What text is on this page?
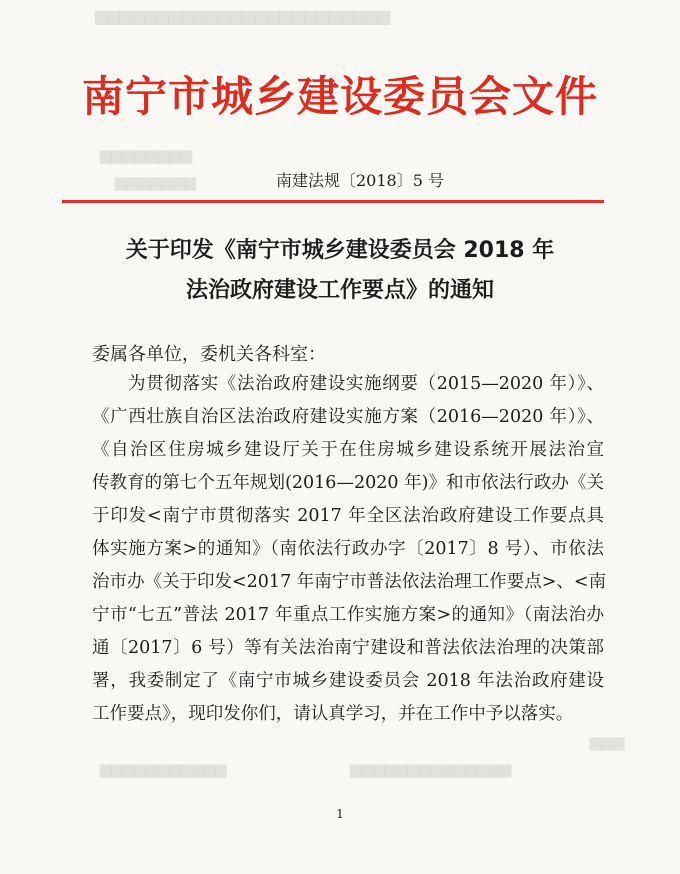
▆▆▆▆▆▆▆▆▆▆▆▆▆▆▆▆▆▆▆▆▆▆▆▆
▆▆▆▆▆▆▆▆
▆▆▆▆▆▆▆
▆▆▆▆▆▆▆▆▆▆▆▆▆▆
▆▆▆▆▆▆▆▆▆▆▆
▆▆▆
南宁市城乡建设委员会文件
南建法规〔2018〕5 号
关于印发《南宁市城乡建设委员会 2018 年
法治政府建设工作要点》的通知
委属各单位，委机关各科室：
为贯彻落实《法治政府建设实施纲要（2015—2020 年）》、
《广西壮族自治区法治政府建设实施方案（2016—2020 年）》、
《自治区住房城乡建设厅关于在住房城乡建设系统开展法治宣
传教育的第七个五年规划(2016—2020 年)》和市依法行政办《关
于印发<南宁市贯彻落实 2017 年全区法治政府建设工作要点具
体实施方案>的通知》（南依法行政办字〔2017〕8 号）、市依法
治市办《关于印发<2017 年南宁市普法依法治理工作要点>、<南
宁市“七五”普法 2017 年重点工作实施方案>的通知》（南法治办
通〔2017〕6 号）等有关法治南宁建设和普法依法治理的决策部
署，我委制定了《南宁市城乡建设委员会 2018 年法治政府建设
工作要点》，现印发你们，请认真学习，并在工作中予以落实。
1
